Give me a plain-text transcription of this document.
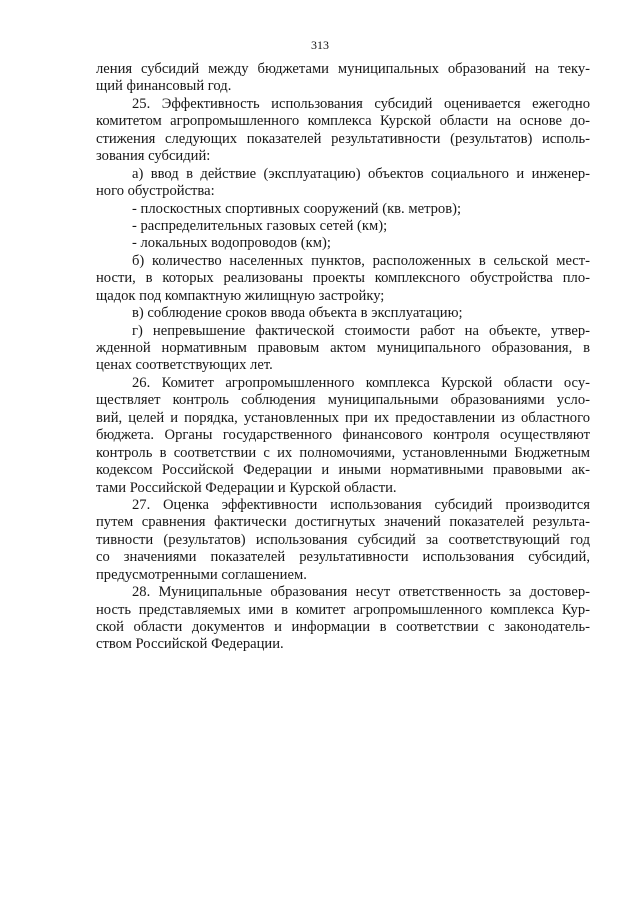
313
ления субсидий между бюджетами муниципальных образований на теку-
щий финансовый год.
25. Эффективность использования субсидий оценивается ежегодно
комитетом агропромышленного комплекса Курской области на основе до-
стижения следующих показателей результативности (результатов) исполь-
зования субсидий:
а) ввод в действие (эксплуатацию) объектов социального и инженер-
ного обустройства:
- плоскостных спортивных сооружений (кв. метров);
- распределительных газовых сетей (км);
- локальных водопроводов (км);
б) количество населенных пунктов, расположенных в сельской мест-
ности, в которых реализованы проекты комплексного обустройства пло-
щадок под компактную жилищную застройку;
в) соблюдение сроков ввода объекта в эксплуатацию;
г) непревышение фактической стоимости работ на объекте, утвер-
жденной нормативным правовым актом муниципального образования, в
ценах соответствующих лет.
26. Комитет агропромышленного комплекса Курской области осу-
ществляет контроль соблюдения муниципальными образованиями усло-
вий, целей и порядка, установленных при их предоставлении из областного
бюджета. Органы государственного финансового контроля осуществляют
контроль в соответствии с их полномочиями, установленными Бюджетным
кодексом Российской Федерации и иными нормативными правовыми ак-
тами Российской Федерации и Курской области.
27. Оценка эффективности использования субсидий производится
путем сравнения фактически достигнутых значений показателей результа-
тивности (результатов) использования субсидий за соответствующий год
со значениями показателей результативности использования субсидий,
предусмотренными соглашением.
28. Муниципальные образования несут ответственность за достовер-
ность представляемых ими в комитет агропромышленного комплекса Кур-
ской области документов и информации в соответствии с законодатель-
ством Российской Федерации.
